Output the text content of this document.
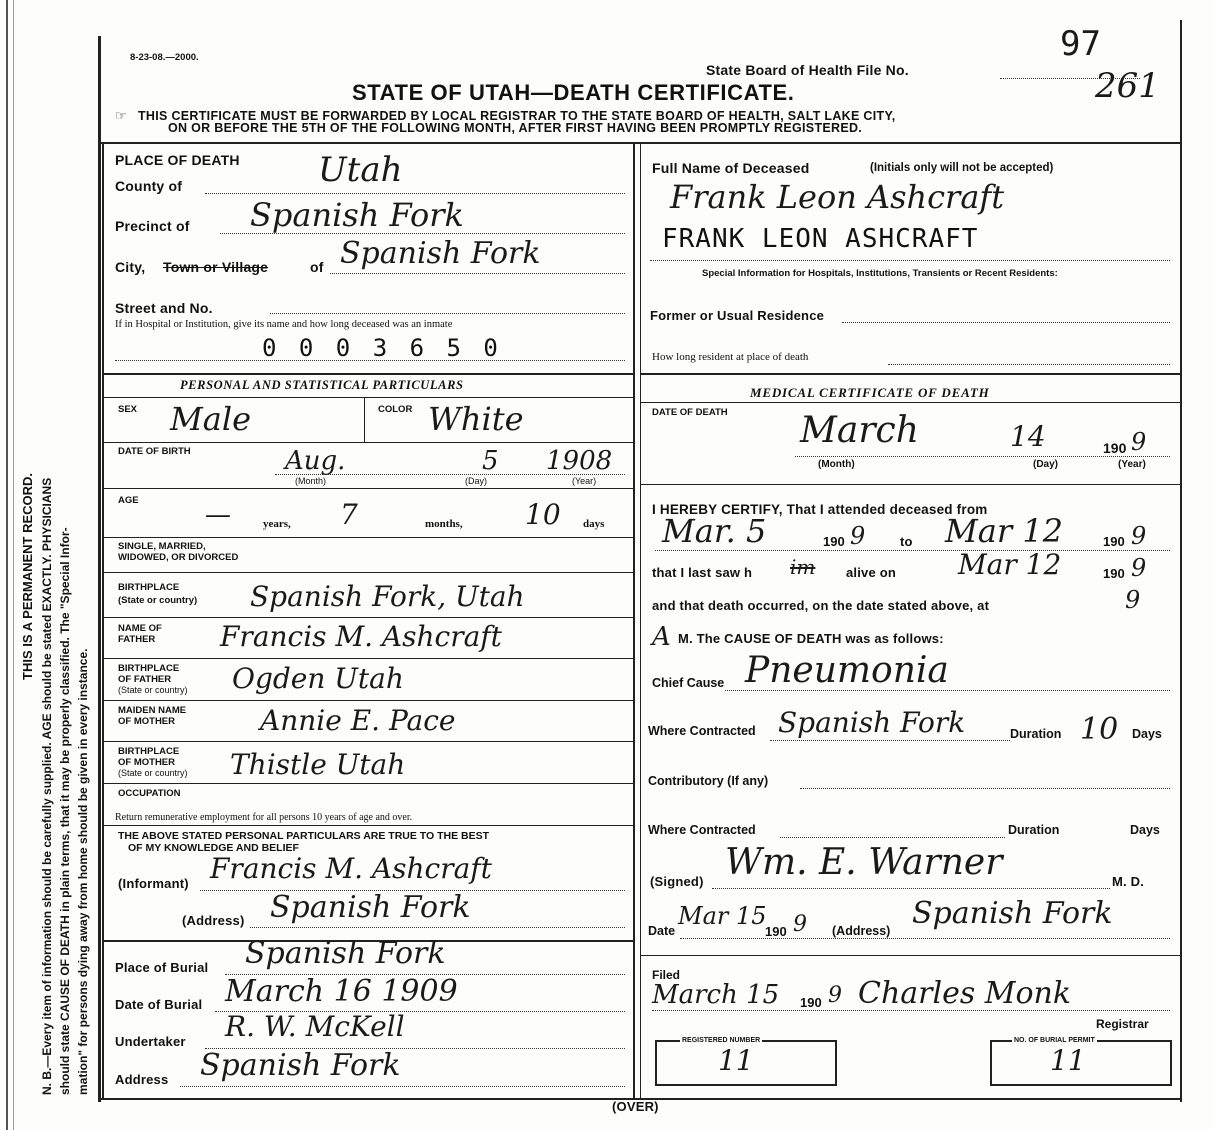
N. B.—Every item of information should be carefully supplied. AGE should be stated EXACTLY. PHYSICIANS should state CAUSE OF DEATH in plain terms, that it may be properly classified. The "Special Infor- mation" for persons dying away from home should be given in every instance.
THIS IS A PERMANENT RECORD.
8-23-08.—2000.
State Board of Health File No.
97
261
STATE OF UTAH—DEATH CERTIFICATE.
☞ THIS CERTIFICATE MUST BE FORWARDED BY LOCAL REGISTRAR TO THE STATE BOARD OF HEALTH, SALT LAKE CITY,
ON OR BEFORE THE 5TH OF THE FOLLOWING MONTH, AFTER FIRST HAVING BEEN PROMPTLY REGISTERED.
PLACE OF DEATH
County of	Utah
Precinct of Spanish Fork
City, Town or Village	of Spanish Fork
Street and No.
If in Hospital or Institution, give its name and how long deceased was an inmate
0 0 0 3 6 5 0
PERSONAL AND STATISTICAL PARTICULARS
SEX Male	COLOR White
DATE OF BIRTH	Aug.	5 1908
(Month)	(Day)	(Year)
AGE	—	years, 7	months, 10 days
SINGLE, MARRIED,
WIDOWED, OR DIVORCED
BIRTHPLACE
(State or country) Spanish Fork, Utah
NAME OF
FATHER Francis M. Ashcraft
BIRTHPLACE
OF FATHER
(State or country) Ogden Utah
MAIDEN NAME
OF MOTHER	Annie E. Pace
BIRTHPLACE
OF MOTHER
(State or country) Thistle Utah
OCCUPATION
Return remunerative employment for all persons 10 years of age and over.
THE ABOVE STATED PERSONAL PARTICULARS ARE TRUE TO THE BEST
OF MY KNOWLEDGE AND BELIEF
(Informant) Francis M. Ashcraft
(Address) Spanish Fork
Place of Burial Spanish Fork
Date of Burial March 16 1909
Undertaker R. W. McKell
Address Spanish Fork
Full Name of Deceased	(Initials only will not be accepted)
Frank Leon Ashcraft
FRANK LEON ASHCRAFT
Special Information for Hospitals, Institutions, Transients or Recent Residents:
Former or Usual Residence
How long resident at place of death
MEDICAL CERTIFICATE OF DEATH
DATE OF DEATH March	14	190 9
(Month)	(Day)	(Year)
I HEREBY CERTIFY, That I attended deceased from
Mar. 5	190 9	to Mar 12	190 9
that I last saw h im alive on Mar 12	190 9
and that death occurred, on the date stated above, at	9
A M. The CAUSE OF DEATH was as follows:
Chief Cause Pneumonia
Where Contracted Spanish Fork	Duration 10 Days
Contributory (If any)
Where Contracted	Duration	Days
(Signed) Wm. E. Warner	M. D.
Date
Mar 15
190 9 (Address) Spanish Fork
Filed
March 15 190 9 Charles Monk
Registrar
REGISTERED NUMBER
11
NO. OF BURIAL PERMIT
11
(OVER)
